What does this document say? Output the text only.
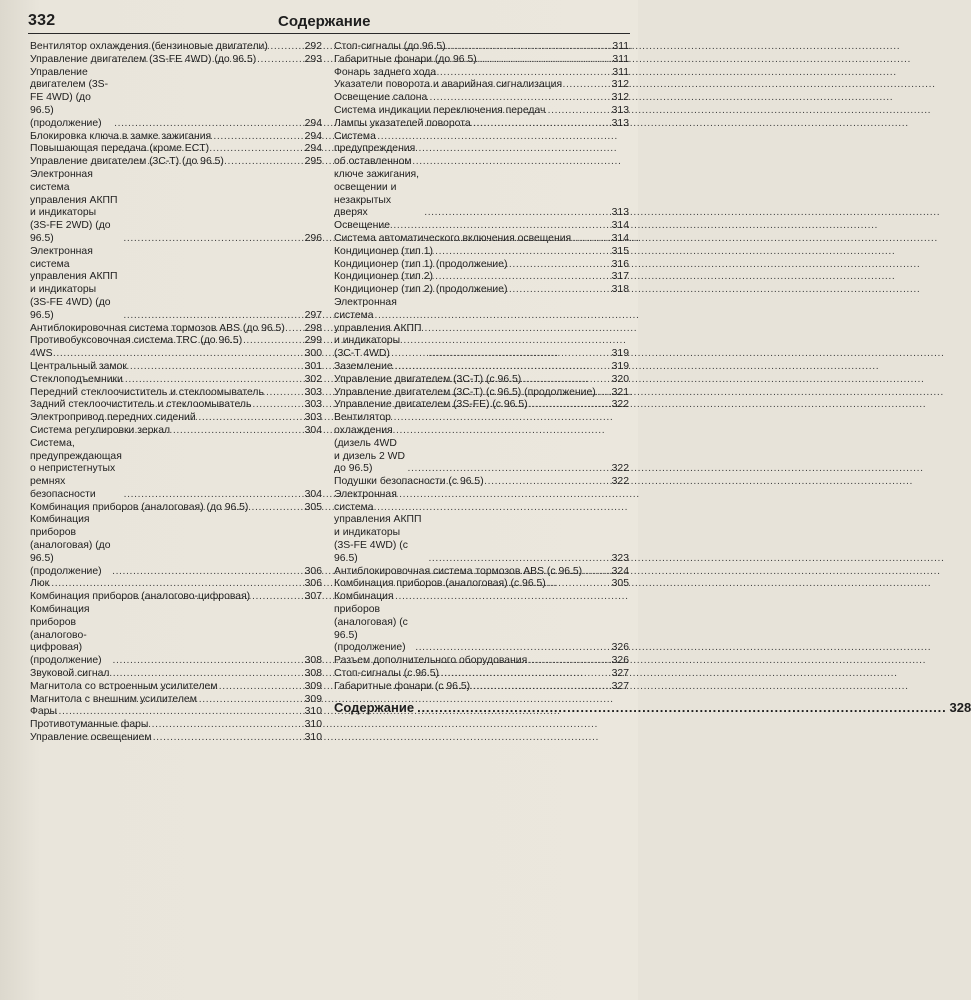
332	Содержание
Вентилятор охлаждения (бензиновые двигатели) .....	292
Управление двигателем (3S-FE 4WD) (до 96.5) .....	293
Управление двигателем (3S-FE 4WD) (до 96.5)
(продолжение) .....	294
Блокировка ключа в замке зажигания .....	294
Повышающая передача (кроме ECT) .....	294
Управление двигателем (3C-T) (до 96.5) .....	295
Электронная система управления АКПП и индикаторы
(3S-FE 2WD) (до 96.5) .....	296
Электронная система управления АКПП и индикаторы
(3S-FE 4WD) (до 96.5) .....	297
Антиблокировочная система тормозов ABS (до 96.5) ..... 298
Противобуксовочная система TRC (до 96.5) .....	299
4WS .....	300
Центральный замок .....	301
Стеклоподъемники .....	302
Передний стеклоочиститель и стеклоомыватель .....	303
Задний стеклоочиститель и стеклоомыватель .....	303
Электропривод передних сидений .....	303
Система регулировки зеркал .....	304
Система, предупреждающая о непристегнутых ремнях
безопасности .....	304
Комбинация приборов (аналоговая) (до 96.5) .....	305
Комбинация приборов (аналоговая) (до 96.5)
(продолжение) .....	306
Люк .....	306
Комбинация приборов (аналогово-цифровая) .....	307
Комбинация приборов (аналогово-цифровая)
(продолжение) .....	308
Звуковой сигнал .....	308
Магнитола со встроенным усилителем .....	309
Магнитола с внешним усилителем .....	309
Фары .....	310
Противотуманные фары .....	310
Управление освещением .....	310
Стоп-сигналы (до 96.5) .....	311
Габаритные фонари (до 96.5) .....	311
Фонарь заднего хода .....	311
Указатели поворота и аварийная сигнализация .....	312
Освещение салона .....	312
Система индикации переключения передач .....	313
Лампы указателей поворота .....	313
Система предупреждения об оставленном
ключе зажигания, освещении и незакрытых дверях .....	313
Освещение .....	314
Система автоматического включения освещения .....	314
Кондиционер (тип 1) .....	315
Кондиционер (тип 1) (продолжение) .....	316
Кондиционер (тип 2) .....	317
Кондиционер (тип 2) (продолжение) .....	318
Электронная система управления АКПП и индикаторы
(3C-T 4WD) .....	319
Заземление .....	319
Управление двигателем (3C-T) (с 96.5) .....	320
Управление двигателем (3C-T) (с 96.5) (продолжение) ..... 321
Управление двигателем (3S-FE) (с 96.5) .....	322
Вентилятор охлаждения (дизель 4WD
и дизель 2 WD до 96.5) .....	322
Подушки безопасности (с 96.5) .....	322
Электронная система управления АКПП и индикаторы
(3S-FE 4WD) (с 96.5) .....	323
Антиблокировочная система тормозов ABS (с 96.5) .....	324
Комбинация приборов (аналоговая) (с 96.5) .....	305
Комбинация приборов (аналоговая) (с 96.5)
(продолжение) .....	326
Разъем дополнительного оборудования .....	326
Стоп-сигналы (с 96.5) .....	327
Габаритные фонари (с 96.5) .....	327
Содержание .....	328
